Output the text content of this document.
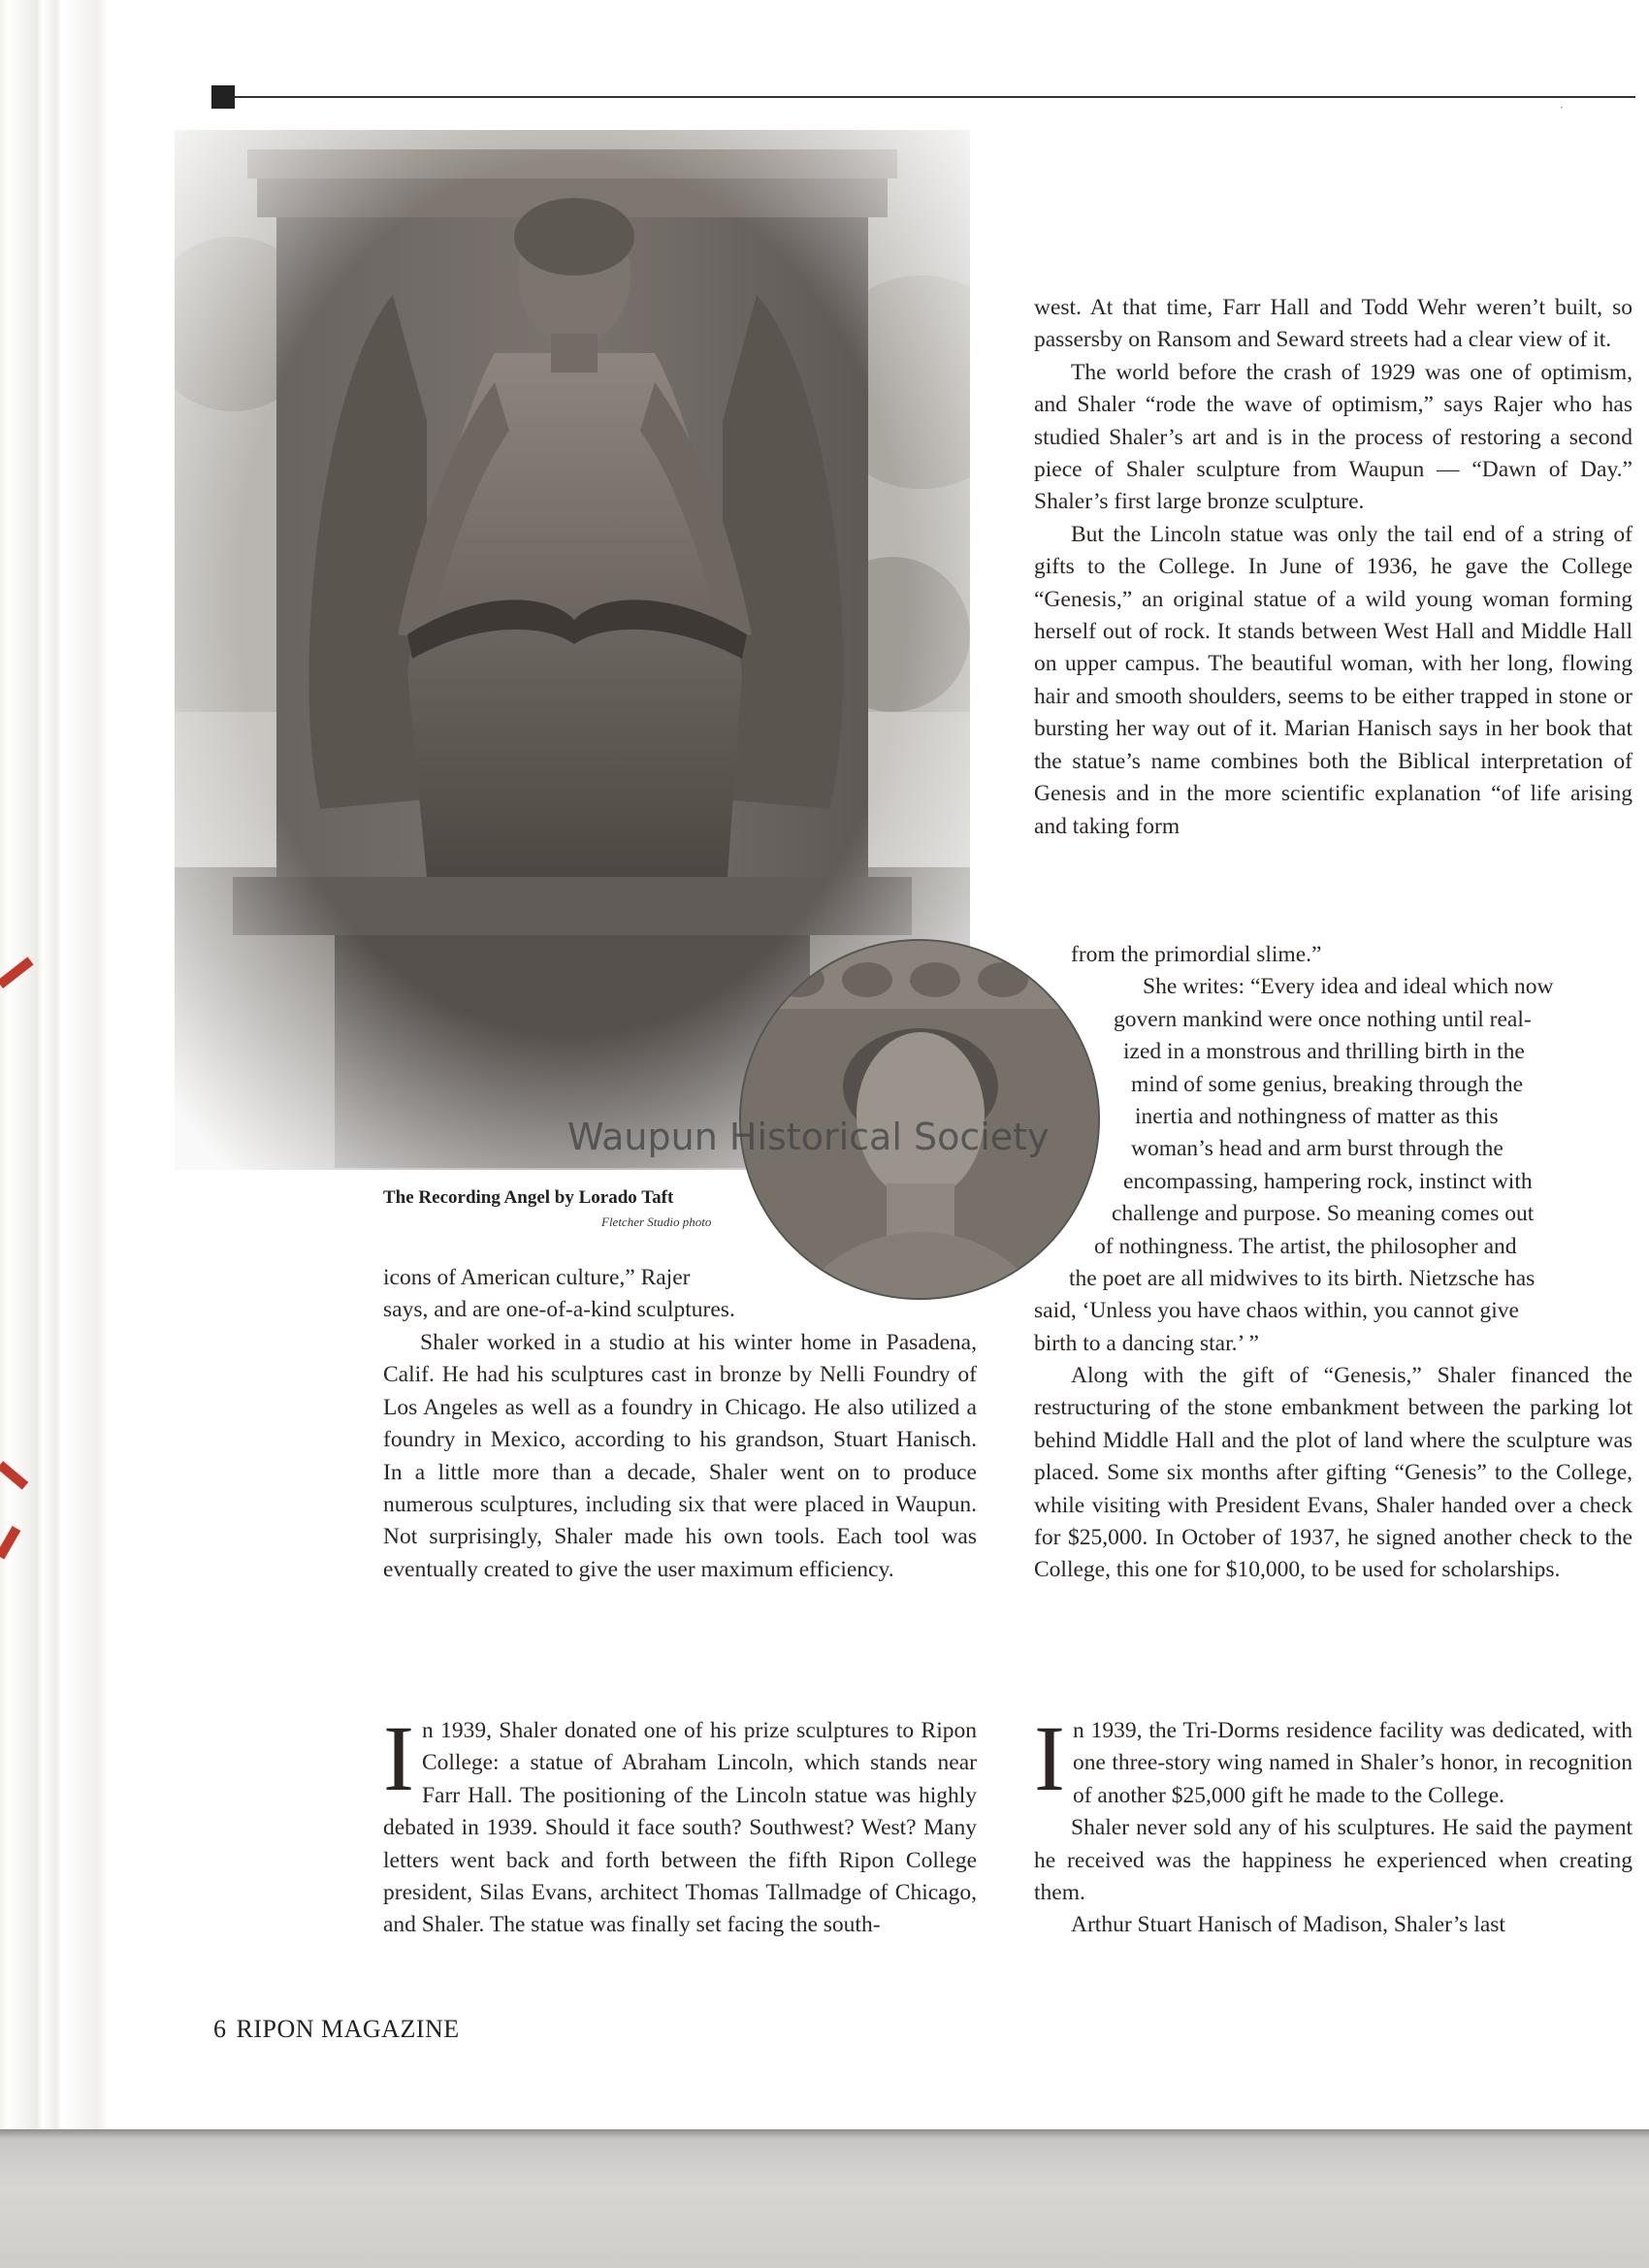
·
Waupun Historical Society
The Recording Angel by Lorado Taft
Fletcher Studio photo
icons of American culture,” Rajer
says, and are one-of-a-kind sculptures.

Shaler worked in a studio at his winter home in Pasadena, Calif. He had his sculptures cast in bronze by Nelli Foundry of Los Angeles as well as a foundry in Chicago. He also utilized a foundry in Mexico, according to his grandson, Stuart Hanisch. In a little more than a decade, Shaler went on to produce numerous sculptures, including six that were placed in Waupun. Not surprisingly, Shaler made his own tools. Each tool was eventually created to give the user maximum efficiency.

In 1939, Shaler donated one of his prize sculptures to Ripon College: a statue of Abraham Lincoln, which stands near Farr Hall. The positioning of the Lincoln statue was highly debated in 1939. Should it face south? Southwest? West? Many letters went back and forth between the fifth Ripon College president, Silas Evans, architect Thomas Tallmadge of Chicago, and Shaler. The statue was finally set facing the south-

west. At that time, Farr Hall and Todd Wehr weren’t built, so passersby on Ransom and Seward streets had a clear view of it.

The world before the crash of 1929 was one of optimism, and Shaler “rode the wave of optimism,” says Rajer who has studied Shaler’s art and is in the process of restoring a second piece of Shaler sculpture from Waupun — “Dawn of Day.” Shaler’s first large bronze sculpture.

But the Lincoln statue was only the tail end of a string of gifts to the College. In June of 1936, he gave the College “Genesis,” an original statue of a wild young woman forming herself out of rock. It stands between West Hall and Middle Hall on upper campus. The beautiful woman, with her long, flowing hair and smooth shoulders, seems to be either trapped in stone or bursting her way out of it. Marian Hanisch says in her book that the statue’s name combines both the Biblical interpretation of Genesis and in the more scientific explanation “of life arising and taking form

from the primordial slime.”
She writes: “Every idea and ideal which now
govern mankind were once nothing until real-
ized in a monstrous and thrilling birth in the
mind of some genius, breaking through the
inertia and nothingness of matter as this
woman’s head and arm burst through the
encompassing, hampering rock, instinct with
challenge and purpose. So meaning comes out
of nothingness. The artist, the philosopher and
the poet are all midwives to its birth. Nietzsche has
said, ‘Unless you have chaos within, you cannot give
birth to a dancing star.’ ”

Along with the gift of “Genesis,” Shaler financed the restructuring of the stone embankment between the parking lot behind Middle Hall and the plot of land where the sculpture was placed. Some six months after gifting “Genesis” to the College, while visiting with President Evans, Shaler handed over a check for $25,000. In October of 1937, he signed another check to the College, this one for $10,000, to be used for scholarships.

In 1939, the Tri-Dorms residence facility was dedicated, with one three-story wing named in Shaler’s honor, in recognition of another $25,000 gift he made to the College.

Shaler never sold any of his sculptures. He said the payment he received was the happiness he experienced when creating them.

Arthur Stuart Hanisch of Madison, Shaler’s last

6 RIPON MAGAZINE
